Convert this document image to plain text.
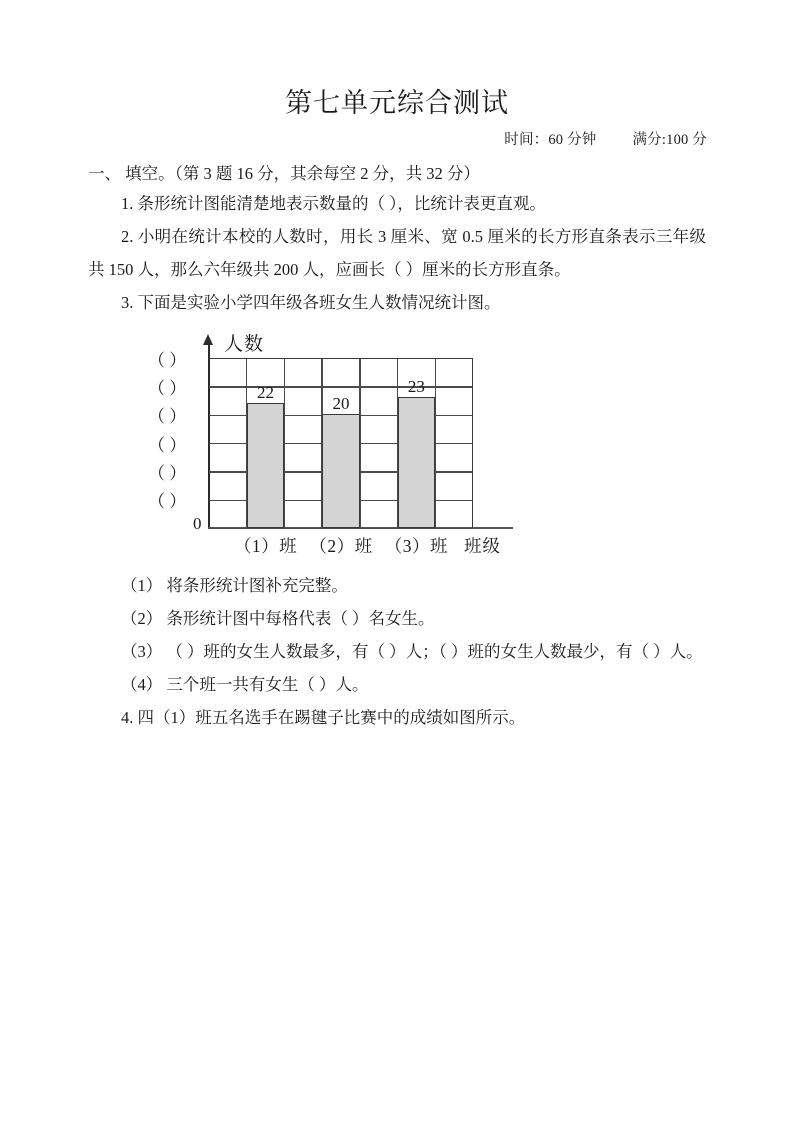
第七单元综合测试
时间：60 分钟 满分:100 分
一、 填空。（第 3 题 16 分，其余每空 2 分，共 32 分）

1. 条形统计图能清楚地表示数量的（ ），比统计表更直观。

2. 小明在统计本校的人数时，用长 3 厘米、宽 0.5 厘米的长方形直条表示三年级共 150 人，那么六年级共 200 人，应画长（ ）厘米的长方形直条。

3. 下面是实验小学四年级各班女生人数情况统计图。

人数
0
（ ）
（ ）
（ ）
（ ）
（ ）
（ ）
22
20
23
（1）班 （2）班 （3）班 班级

（1） 将条形统计图补充完整。

（2） 条形统计图中每格代表（ ）名女生。

（3） （ ）班的女生人数最多，有（ ）人；（ ）班的女生人数最少，有（ ）人。

（4） 三个班一共有女生（ ）人。

4. 四（1）班五名选手在踢毽子比赛中的成绩如图所示。
